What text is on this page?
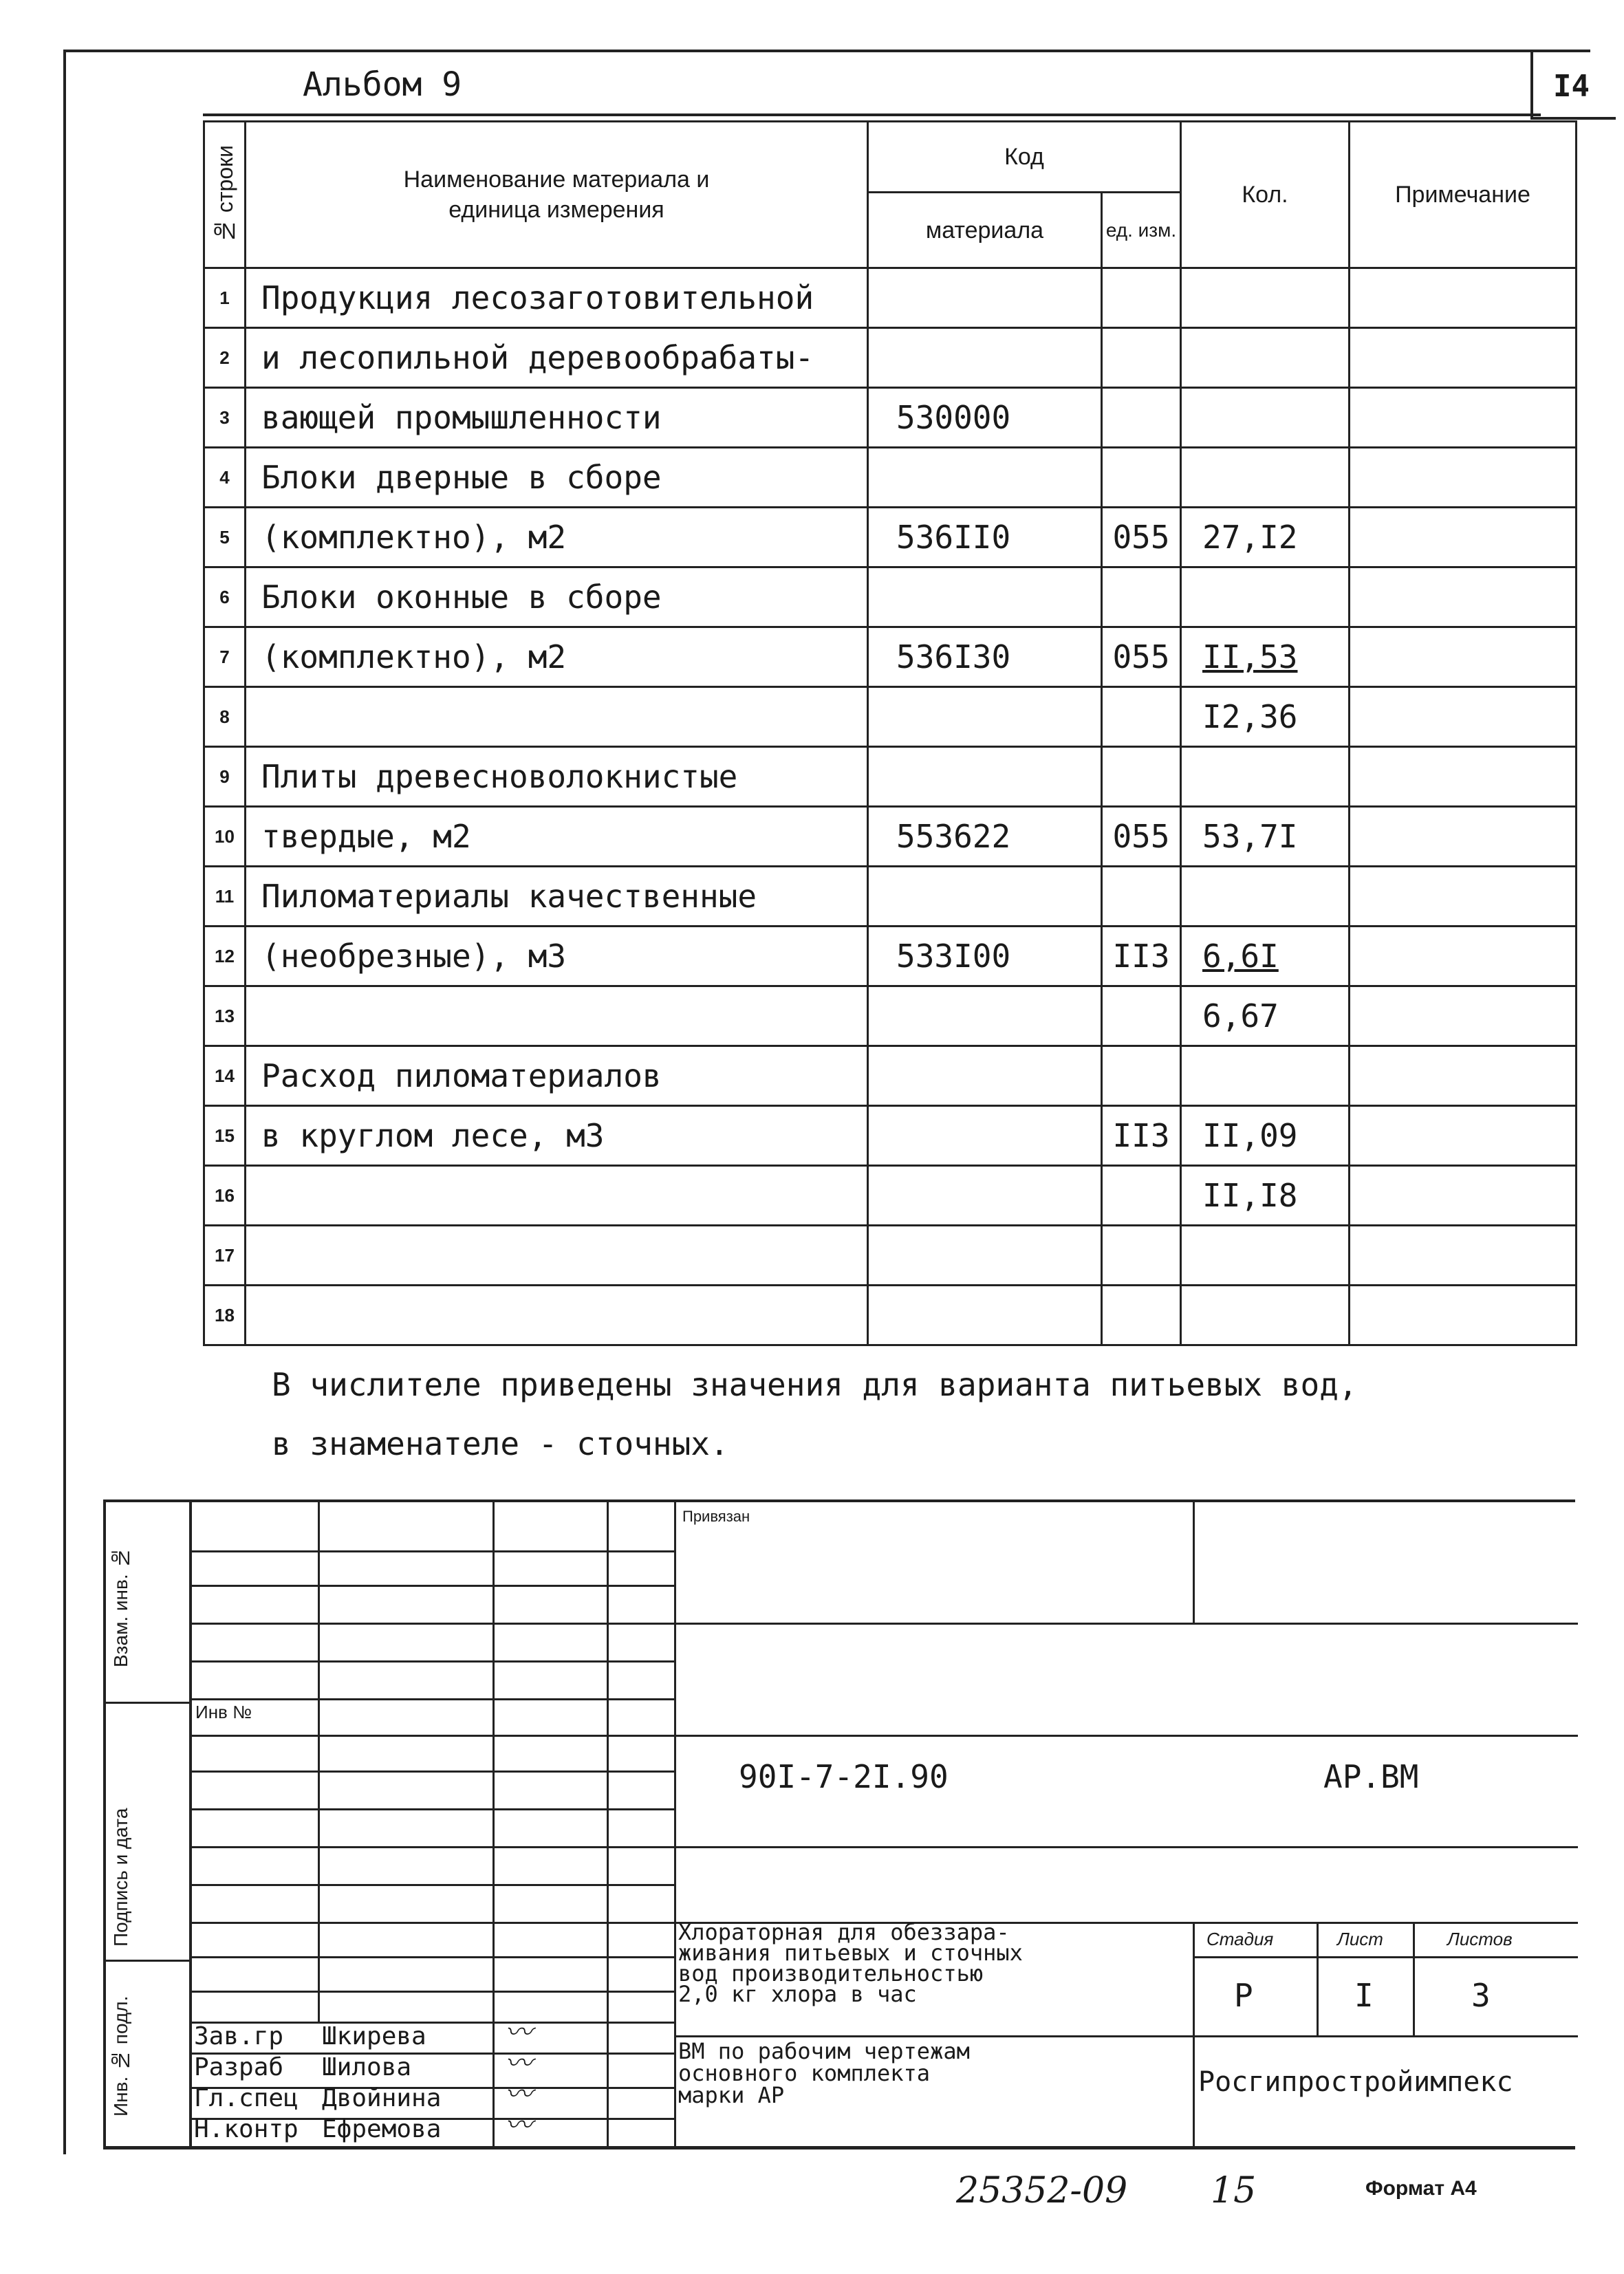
Альбом 9	I4
№ строки	Наименование материала и единица измерения	Код		Кол.	Примечание
		материала	ед. изм.		
1	Продукция лесозаготовительной				
2	и лесопильной деревообрабаты-				
3	вающей промышленности	530000			
4	Блоки дверные в сборе				
5	(комплектно), м2	536II0	055	27,I2	
6	Блоки оконные в сборе				
7	(комплектно), м2	536I30	055	II,53	
8				I2,36	
9	Плиты древесноволокнистые				
10	твердые, м2	553622	055	53,7I	
11	Пиломатериалы качественные				
12	(необрезные), м3	533I00	II3	6,6I	
13				6,67	
14	Расход пиломатериалов				
15	в круглом лесе, м3		II3	II,09	
16				II,I8	
17					
18					
В числителе приведены значения для варианта питьевых вод,
в знаменателе - сточных.
Взам. инв. №
Подпись и дата
Инв. № подл.
Инв №
Привязан
90I-7-2I.90	АР.ВМ
Хлораторная для обеззара-
живания питьевых и сточных
вод производительностью
2,0 кг хлора в час
ВМ по рабочим чертежам
основного комплекта
марки АР
Стадия	Лист	Листов
Р	I	3
Росгипростройимпекс
Зав.гр Шкирева	〰
Разраб Шилова	〰
Гл.спец Двойнина 〰
Н.контр Ефремова 〰
25352-09 15	Формат А4
